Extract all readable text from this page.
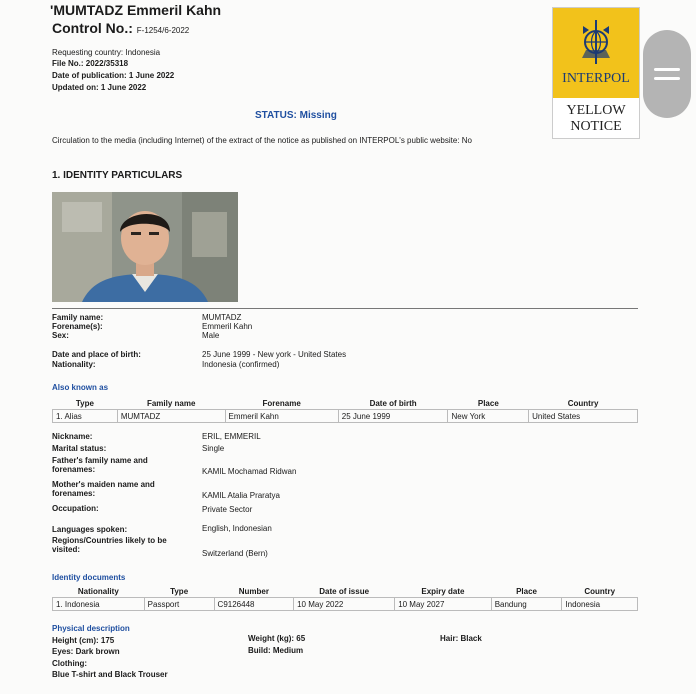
'MUMTADZ Emmeril Kahn
Control No.: F-1254/6-2022
Requesting country: Indonesia
File No.: 2022/35318
Date of publication: 1 June 2022
Updated on: 1 June 2022
INTERPOL
YELLOW
NOTICE
STATUS: Missing
Circulation to the media (including Internet) of the extract of the notice as published on INTERPOL's public website: No
1. IDENTITY PARTICULARS
Family name:	MUMTADZ
Forename(s):	Emmeril Kahn
Sex:	Male
Date and place of birth:	25 June 1999 - New york - United States
Nationality:	Indonesia (confirmed)
Also known as
Type	Family name	Forename	Date of birth	Place	Country
1. Alias	MUMTADZ	Emmeril Kahn	25 June 1999	New York	United States
Nickname:	ERIL, EMMERIL
Marital status:	Single
Father's family name and
forenames:	KAMIL Mochamad Ridwan
Mother's maiden name and
forenames:	KAMIL Atalia Praratya
Occupation:	Private Sector
Languages spoken:	English, Indonesian
Regions/Countries likely to be
visited:	Switzerland (Bern)
Identity documents
Nationality	Type	Number	Date of issue	Expiry date	Place	Country
1. Indonesia	Passport	C9126448	10 May 2022	10 May 2027	Bandung	Indonesia
Physical description
Height (cm): 175	Weight (kg): 65	Hair: Black
Eyes: Dark brown	Build: Medium
Clothing:
Blue T-shirt and Black Trouser
